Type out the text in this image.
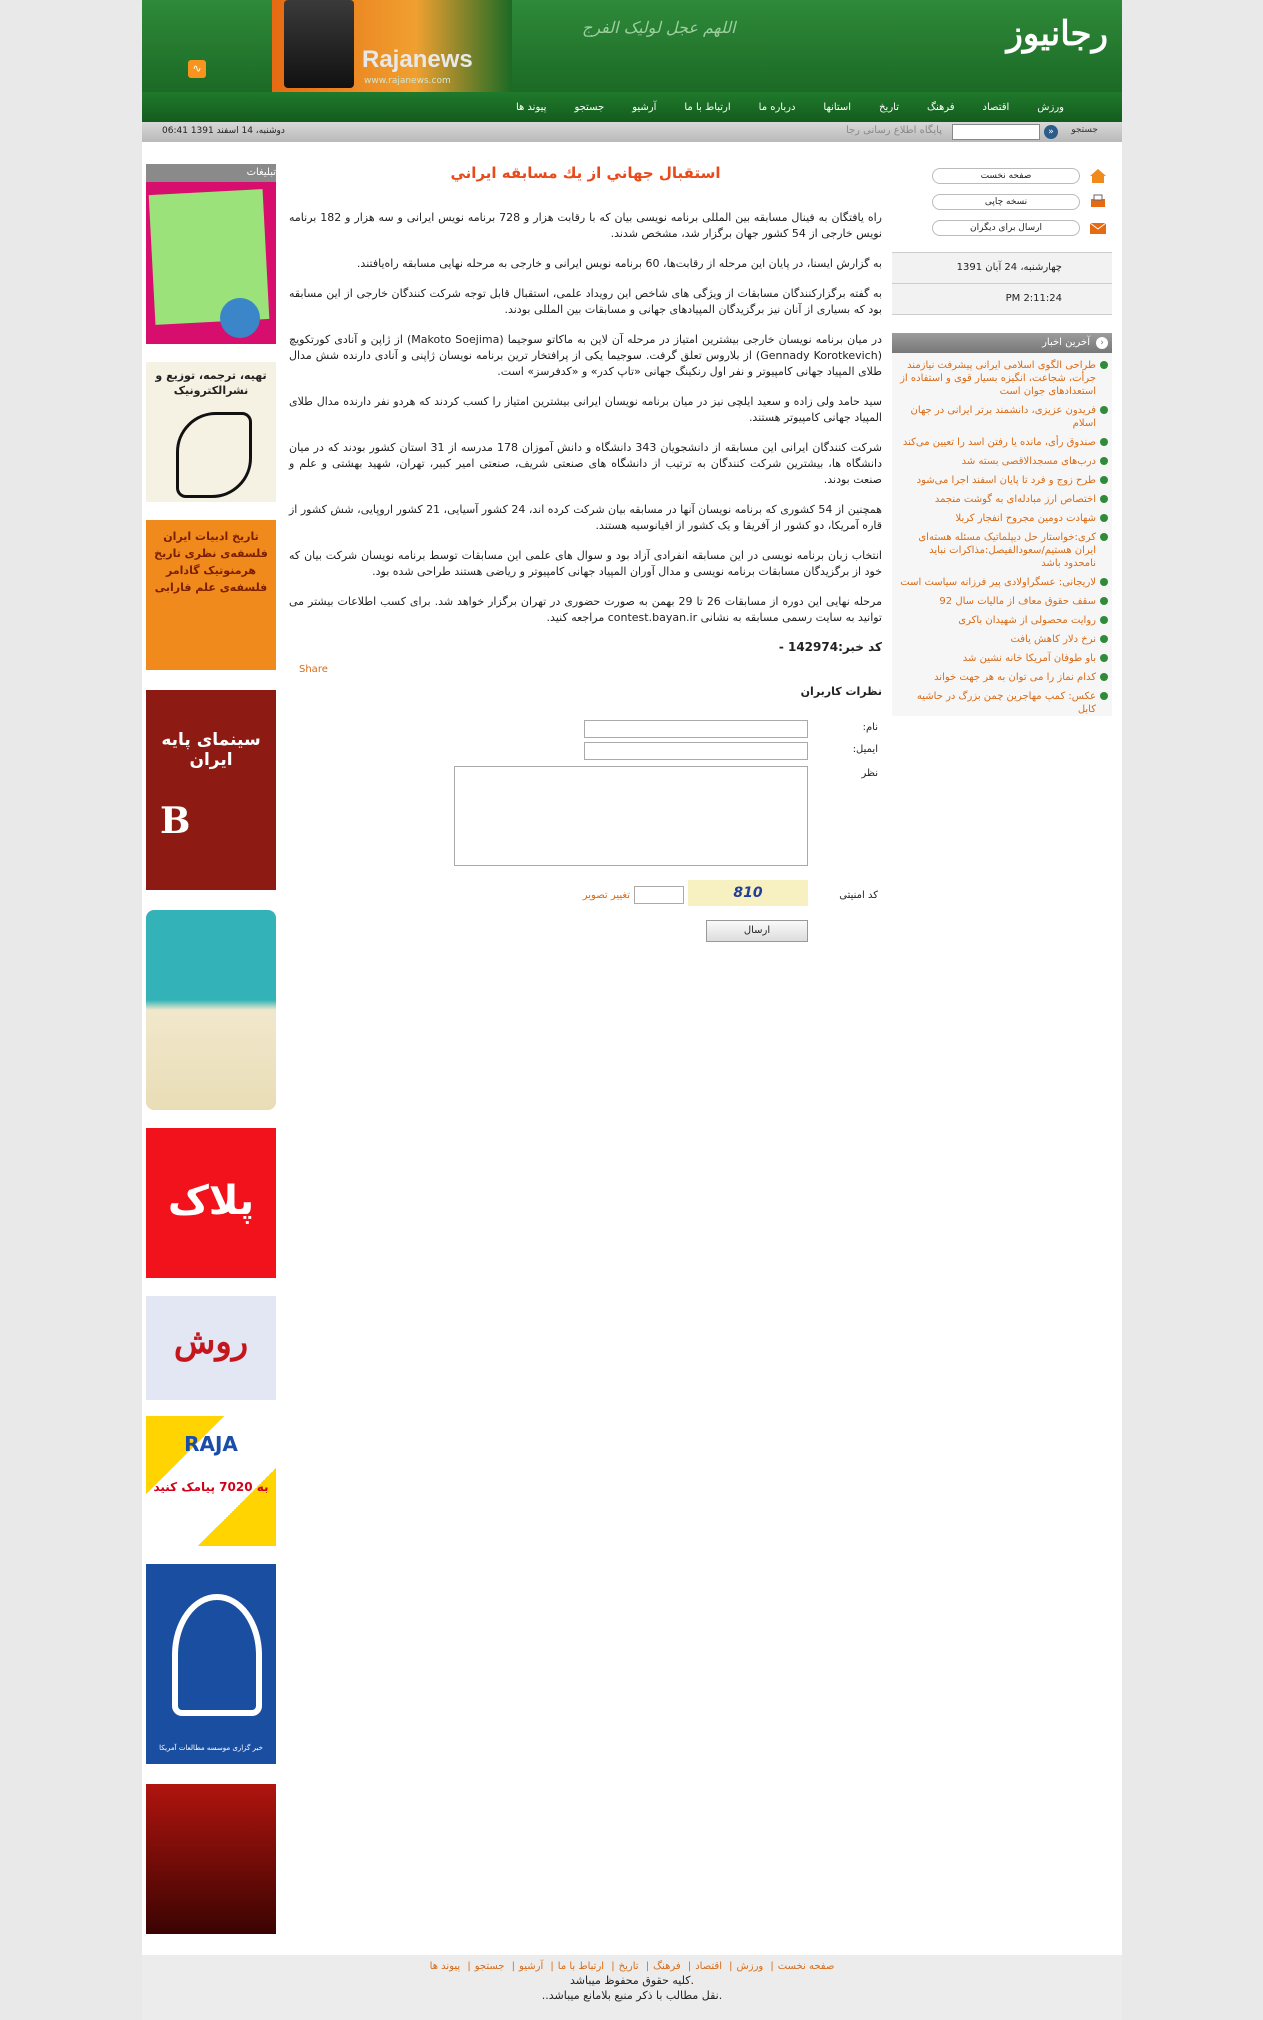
Rajanews
www.rajanews.com
اللهم عجل لولیک الفرج	رجانیوز
∿
ورزش
اقتصاد
فرهنگ
تاریخ
استانها
درباره ما
ارتباط با ما
آرشیو
جستجو
پیوند ها
دوشنبه، 14 اسفند 1391 06:41	پایگاه اطلاع رسانی رجا	»	جستجو
تبلیغات
تهیه، ترجمه، توزیع و نشرالکترونیک
تاریخ ادبیات ایران فلسفه‌ی نظری تاریخ هرمنوتیک گادامر فلسفه‌ی علم فارابی
سینمای پایه ایران
B
پلاک
روش
RAJA
به 7020 پیامک کنید
خبر گزاری موسسه مطالعات آمریکا
استقبال جهاني از يك مسابقه ايراني

راه یافتگان به فینال مسابقه بین المللی برنامه نویسی بیان که با رقابت هزار و 728 برنامه نویس ایرانی و سه هزار و 182 برنامه نویس خارجی از 54 کشور جهان برگزار شد، مشخص شدند.

به گزارش ایسنا، در پایان این مرحله از رقابت‌ها، 60 برنامه نویس ایرانی و خارجی به مرحله نهایی مسابقه راه‌یافتند.

به گفته برگزارکنندگان مسابقات از ویژگی های شاخص این رویداد علمی، استقبال قابل توجه شرکت کنندگان خارجی از این مسابقه بود که بسیاری از آنان نیز برگزیدگان المپیادهای جهانی و مسابقات بین المللی بودند.

در میان برنامه نویسان خارجی بیشترین امتیاز در مرحله آن لاین به ماکاتو سوجیما (Makoto Soejima) از ژاپن و آنادی کورتکویچ (Gennady Korotkevich) از بلاروس تعلق گرفت. سوجیما یکی از پرافتخار ترین برنامه نویسان ژاپنی و آنادی دارنده شش مدال طلای المپیاد جهانی کامپیوتر و نفر اول رنکینگ جهانی «تاپ کدر» و «کدفرسز» است.

سید حامد ولی زاده و سعید ایلچی نیز در میان برنامه نویسان ایرانی بیشترین امتیاز را کسب کردند که هردو نفر دارنده مدال طلای المپیاد جهانی کامپیوتر هستند.

شرکت کنندگان ایرانی این مسابقه از دانشجویان 343 دانشگاه و دانش آموزان 178 مدرسه از 31 استان کشور بودند که در میان دانشگاه ها، بیشترین شرکت کنندگان به ترتیب از دانشگاه های صنعتی شریف، صنعتی امیر کبیر، تهران، شهید بهشتی و علم و صنعت بودند.

همچنین از 54 کشوری که برنامه نویسان آنها در مسابقه بیان شرکت کرده اند، 24 کشور آسیایی، 21 کشور اروپایی، شش کشور از قاره آمریکا، دو کشور از آفریقا و یک کشور از اقیانوسیه هستند.

انتخاب زبان برنامه نویسی در این مسابقه انفرادی آزاد بود و سوال های علمی این مسابقات توسط برنامه نویسان شرکت بیان که خود از برگزیدگان مسابقات برنامه نویسی و مدال آوران المپیاد جهانی کامپیوتر و ریاضی هستند طراحی شده بود.

مرحله نهایی این دوره از مسابقات 26 تا 29 بهمن به صورت حضوری در تهران برگزار خواهد شد. برای کسب اطلاعات بیشتر می توانید به سایت رسمی مسابقه به نشانی contest.bayan.ir مراجعه کنید.

کد خبر:142974 -
Share
نظرات کاربران
نام:
ایمیل:
نظر
کد امنیتی
810
تغییر تصویر
ارسال
صفحه نخست
نسخه چاپی
ارسال برای دیگران
چهارشنبه، 24 آبان 1391
2:11:24 PM
‹
آخرین اخبار
طراحی الگوی اسلامی ایرانی پیشرفت نیازمند جرأت، شجاعت، انگیزه بسیار قوی و استفاده از استعدادهای جوان است
فریدون عزیزی، دانشمند برتر ایرانی در جهان اسلام
صندوق رأی، مانده یا رفتن اسد را تعیین می‌کند
درب‌های مسجدالاقصی بسته شد
طرح زوج و فرد تا پایان اسفند اجرا می‌شود
اختصاص ارز مبادله‌ای به گوشت منجمد
شهادت دومین مجروح انفجار کربلا
کری:خواستار حل دیپلماتیک مسئله هسته‌ای ایران هستیم/سعودالفیصل:مذاکرات نباید نامحدود باشد
لاریجانی: عسگراولادی پیر فرزانه سیاست است
سقف حقوق معاف از مالیات سال 92
روایت محصولی از شهیدان باکری
نرخ دلار کاهش یافت
باو طوفان آمریکا خانه نشین شد
کدام نماز را می توان به هر جهت خواند
عکس: کمپ مهاجرین چمن بزرگ در حاشیه کابل
صفحه نخست| ورزش| اقتصاد| فرهنگ| تاریخ| ارتباط با ما| آرشیو| جستجو| پیوند ها
.کلیه حقوق محفوظ میباشد
.نقل مطالب با ذکر منبع بلامانع میباشد..
